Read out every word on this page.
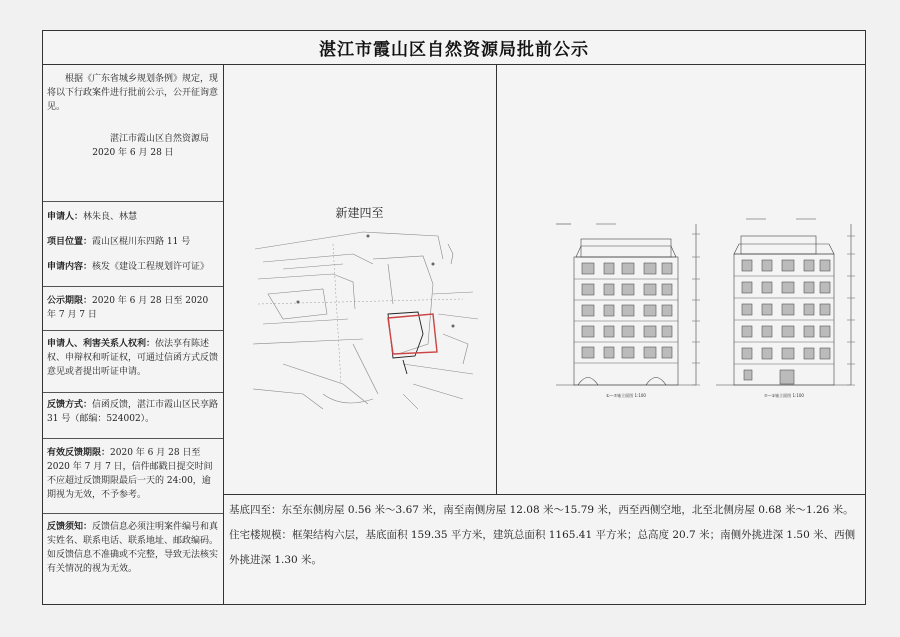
湛江市霞山区自然资源局批前公示
根据《广东省城乡规划条例》规定，现将以下行政案件进行批前公示，公开征询意见。
湛江市霞山区自然资源局
2020 年 6 月 28 日
申请人：林朱良、林慧
项目位置：霞山区棍川东四路 11 号
申请内容：核发《建设工程规划许可证》
公示期限：2020 年 6 月 28 日至 2020 年 7 月 7 日
申请人、利害关系人权利：依法享有陈述权、申辩权和听证权，可通过信函方式反馈意见或者提出听证申请。
反馈方式：信函反馈，湛江市霞山区民享路 31 号（邮编：524002）。
有效反馈期限：2020 年 6 月 28 日至 2020 年 7 月 7 日，信件邮戳日提交时间不应超过反馈期限最后一天的 24:00，逾期视为无效，不予参考。
反馈须知：反馈信息必须注明案件编号和真实姓名、联系电话、联系地址、邮政编码。如反馈信息不准确或不完整，导致无法核实有关情况的视为无效。
新建四至
①—⑦轴立面图 1:100	⑦—①轴立面图 1:100
基底四至：东至东侧房屋 0.56 米～3.67 米，南至南侧房屋 12.08 米～15.79 米，西至西侧空地，北至北侧房屋 0.68 米～1.26 米。住宅楼规模：框架结构六层，基底面积 159.35 平方米，建筑总面积 1165.41 平方米；总高度 20.7 米；南侧外挑进深 1.50 米、西侧外挑进深 1.30 米。
